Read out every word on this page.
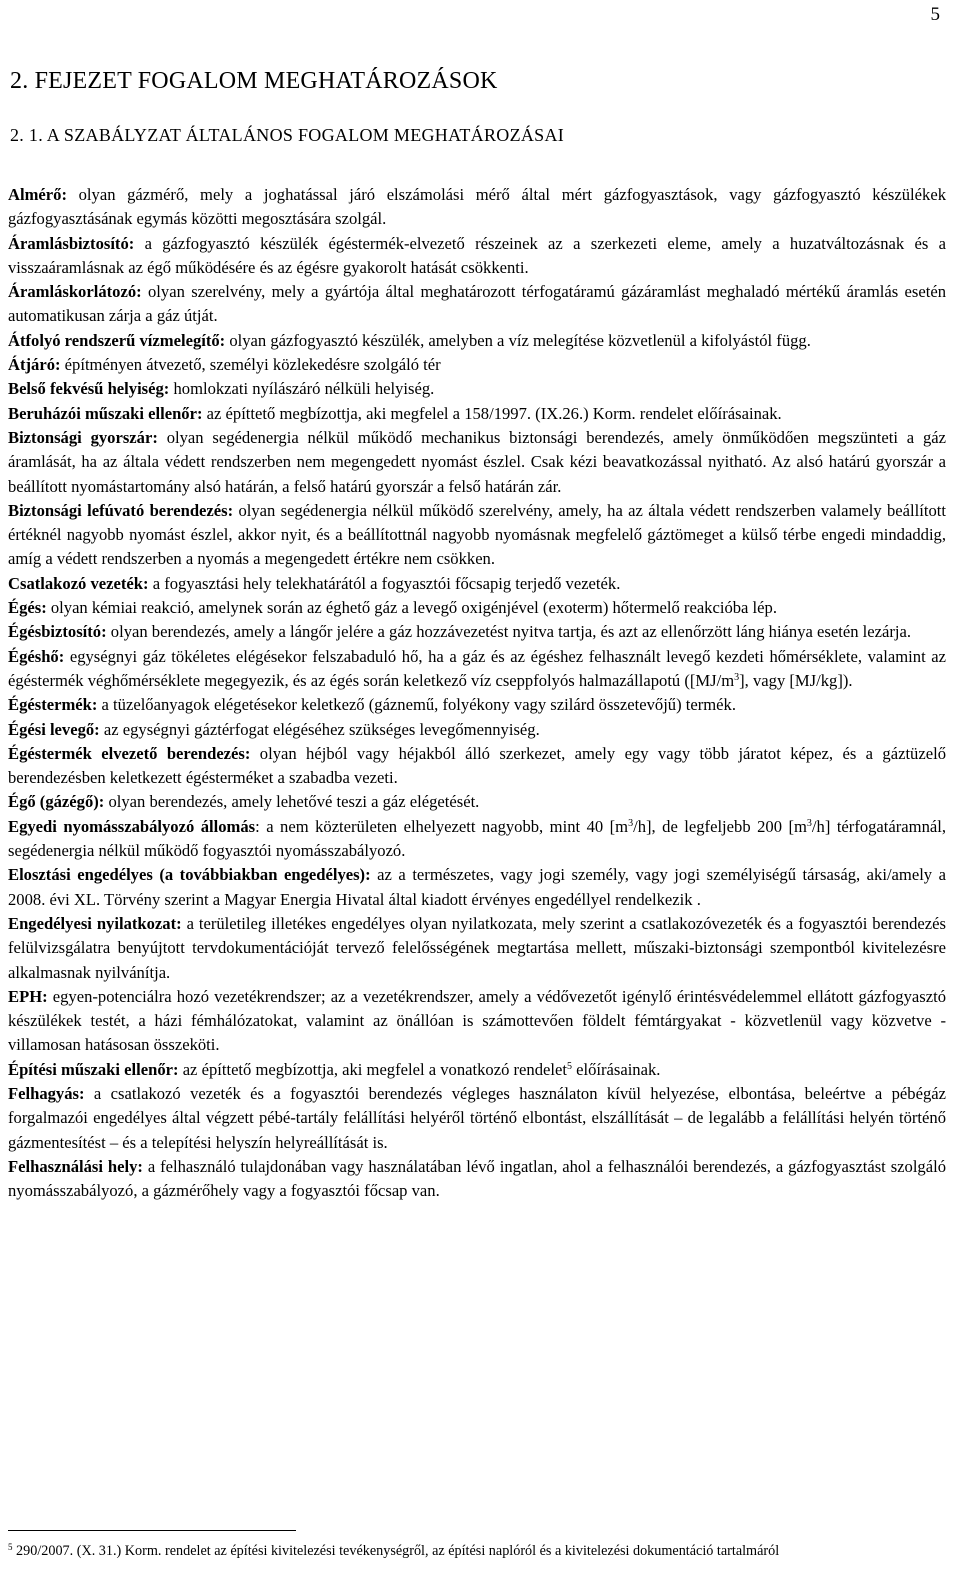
5
2. FEJEZET FOGALOM MEGHATÁROZÁSOK
2. 1. A SZABÁLYZAT ÁLTALÁNOS FOGALOM MEGHATÁROZÁSAI

Almérő: olyan gázmérő, mely a joghatással járó elszámolási mérő által mért gázfogyasztások, vagy gázfogyasztó készülékek gázfogyasztásának egymás közötti megosztására szolgál.

Áramlásbiztosító: a gázfogyasztó készülék égéstermék-elvezető részeinek az a szerkezeti eleme, amely a huzatváltozásnak és a visszaáramlásnak az égő működésére és az égésre gyakorolt hatását csökkenti.

Áramláskorlátozó: olyan szerelvény, mely a gyártója által meghatározott térfogatáramú gázáramlást meghaladó mértékű áramlás esetén automatikusan zárja a gáz útját.

Átfolyó rendszerű vízmelegítő: olyan gázfogyasztó készülék, amelyben a víz melegítése közvetlenül a kifolyástól függ.

Átjáró: építményen átvezető, személyi közlekedésre szolgáló tér

Belső fekvésű helyiség: homlokzati nyílászáró nélküli helyiség.

Beruházói műszaki ellenőr: az építtető megbízottja, aki megfelel a 158/1997. (IX.26.) Korm. rendelet előírásainak.

Biztonsági gyorszár: olyan segédenergia nélkül működő mechanikus biztonsági berendezés, amely önműködően megszünteti a gáz áramlását, ha az általa védett rendszerben nem megengedett nyomást észlel. Csak kézi beavatkozással nyitható. Az alsó határú gyorszár a beállított nyomástartomány alsó határán, a felső határú gyorszár a felső határán zár.

Biztonsági lefúvató berendezés: olyan segédenergia nélkül működő szerelvény, amely, ha az általa védett rendszerben valamely beállított értéknél nagyobb nyomást észlel, akkor nyit, és a beállítottnál nagyobb nyomásnak megfelelő gáztömeget a külső térbe engedi mindaddig, amíg a védett rendszerben a nyomás a megengedett értékre nem csökken.

Csatlakozó vezeték: a fogyasztási hely telekhatárától a fogyasztói főcsapig terjedő vezeték.

Égés: olyan kémiai reakció, amelynek során az éghető gáz a levegő oxigénjével (exoterm) hőtermelő reakcióba lép.

Égésbiztosító: olyan berendezés, amely a lángőr jelére a gáz hozzávezetést nyitva tartja, és azt az ellenőrzött láng hiánya esetén lezárja.

Égéshő: egységnyi gáz tökéletes elégésekor felszabaduló hő, ha a gáz és az égéshez felhasznált levegő kezdeti hőmérséklete, valamint az égéstermék véghőmérséklete megegyezik, és az égés során keletkező víz cseppfolyós halmazállapotú ($[MJ/m^3]$, vagy [MJ/kg]).

Égéstermék: a tüzelőanyagok elégetésekor keletkező (gáznemű, folyékony vagy szilárd összetevőjű) termék.

Égési levegő: az egységnyi gáztérfogat elégéséhez szükséges levegőmennyiség.

Égéstermék elvezető berendezés: olyan héjból vagy héjakból álló szerkezet, amely egy vagy több járatot képez, és a gáztüzelő berendezésben keletkezett égésterméket a szabadba vezeti.

Égő (gázégő): olyan berendezés, amely lehetővé teszi a gáz elégetését.

Egyedi nyomásszabályozó állomás: a nem közterületen elhelyezett nagyobb, mint 40 $[m^3/h]$, de legfeljebb 200 $[m^3/h]$ térfogatáramnál, segédenergia nélkül működő fogyasztói nyomásszabályozó.

Elosztási engedélyes (a továbbiakban engedélyes): az a természetes, vagy jogi személy, vagy jogi személyiségű társaság, aki/amely a 2008. évi XL. Törvény szerint a Magyar Energia Hivatal által kiadott érvényes engedéllyel rendelkezik .

Engedélyesi nyilatkozat: a területileg illetékes engedélyes olyan nyilatkozata, mely szerint a csatlakozóvezeték és a fogyasztói berendezés felülvizsgálatra benyújtott tervdokumentációját tervező felelősségének megtartása mellett, műszaki-biztonsági szempontból kivitelezésre alkalmasnak nyilvánítja.

EPH: egyen-potenciálra hozó vezetékrendszer; az a vezetékrendszer, amely a védővezetőt igénylő érintésvédelemmel ellátott gázfogyasztó készülékek testét, a házi fémhálózatokat, valamint az önállóan is számottevően földelt fémtárgyakat - közvetlenül vagy közvetve - villamosan hatásosan összeköti.

Építési műszaki ellenőr: az építtető megbízottja, aki megfelel a vonatkozó rendelet$^5$ előírásainak.

Felhagyás: a csatlakozó vezeték és a fogyasztói berendezés végleges használaton kívül helyezése, elbontása, beleértve a pébégáz forgalmazói engedélyes által végzett pébé-tartály felállítási helyéről történő elbontást, elszállítását – de legalább a felállítási helyén történő gázmentesítést – és a telepítési helyszín helyreállítását is.

Felhasználási hely: a felhasználó tulajdonában vagy használatában lévő ingatlan, ahol a felhasználói berendezés, a gázfogyasztást szolgáló nyomásszabályozó, a gázmérőhely vagy a fogyasztói főcsap van.

$^5$ 290/2007. (X. 31.) Korm. rendelet az építési kivitelezési tevékenységről, az építési naplóról és a kivitelezési dokumentáció tartalmáról
